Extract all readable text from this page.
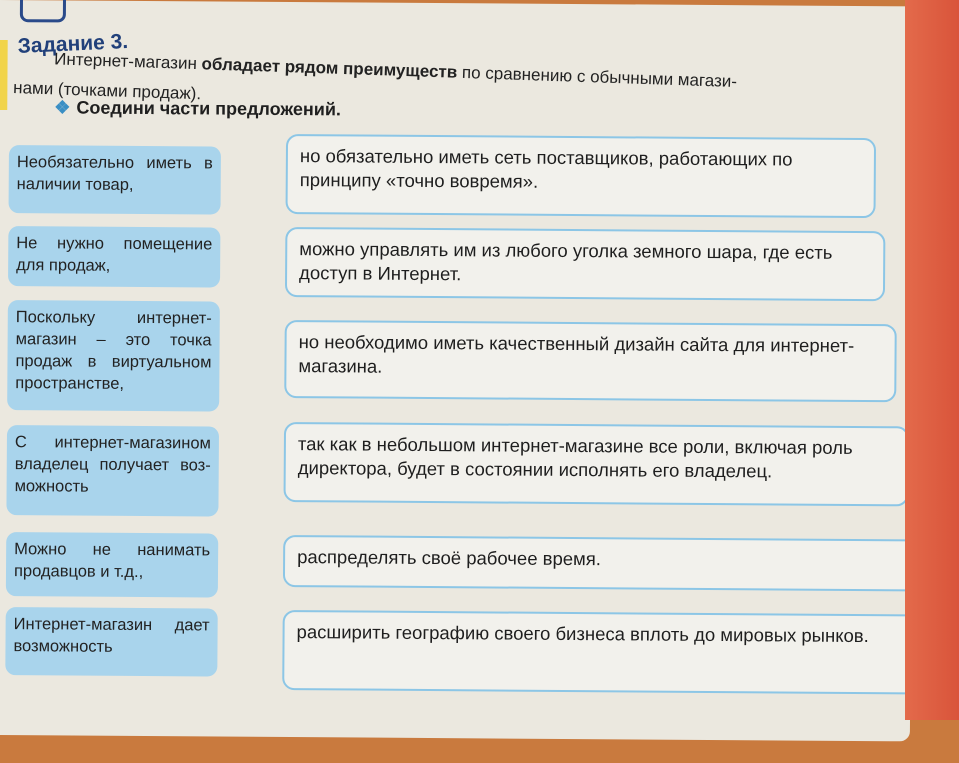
Задание 3.
Интернет-магазин обладает рядом преимуществ по сравнению с обычными магази-
нами (точками продаж).
❖ Соедини части предложений.
Необязательно иметь в наличии товар,
Не нужно помещение для продаж,
Поскольку интернет-магазин – это точка продаж в виртуальном пространстве,
С интернет-магазином владелец получает возможность
Можно не нанимать продавцов и т.д.,
Интернет-магазин дает возможность
но обязательно иметь сеть поставщиков, работающих по принципу «точно вовремя».
можно управлять им из любого уголка земного шара, где есть доступ в Интернет.
но необходимо иметь качественный дизайн сайта для интернет-магазина.
так как в небольшом интернет-магазине все роли, включая роль директора, будет в состоянии исполнять его владелец.
распределять своё рабочее время.
расширить географию своего бизнеса вплоть до мировых рынков.
